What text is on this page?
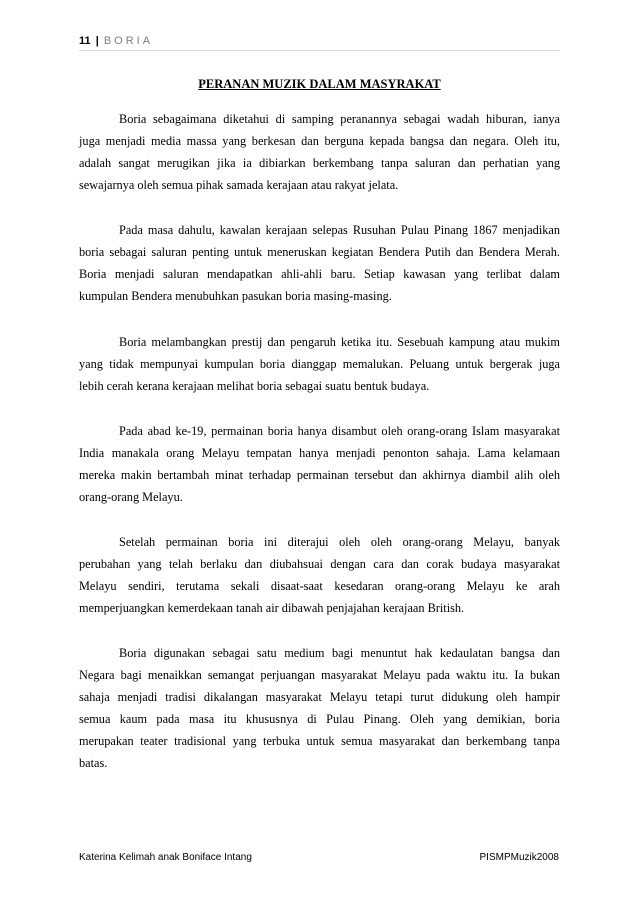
11 | BORIA
PERANAN MUZIK DALAM MASYRAKAT
Boria sebagaimana diketahui di samping peranannya sebagai wadah hiburan, ianya
juga menjadi media massa yang berkesan dan berguna kepada bangsa dan negara. Oleh itu,
adalah sangat merugikan jika ia dibiarkan berkembang tanpa saluran dan perhatian yang
sewajarnya oleh semua pihak samada kerajaan atau rakyat jelata.
Pada masa dahulu, kawalan kerajaan selepas Rusuhan Pulau Pinang 1867 menjadikan
boria sebagai saluran penting untuk meneruskan kegiatan Bendera Putih dan Bendera Merah.
Boria menjadi saluran mendapatkan ahli-ahli baru. Setiap kawasan yang terlibat dalam
kumpulan Bendera menubuhkan pasukan boria masing-masing.
Boria melambangkan prestij dan pengaruh ketika itu. Sesebuah kampung atau mukim
yang tidak mempunyai kumpulan boria dianggap memalukan. Peluang untuk bergerak juga
lebih cerah kerana kerajaan melihat boria sebagai suatu bentuk budaya.
Pada abad ke-19, permainan boria hanya disambut oleh orang-orang Islam masyarakat
India manakala orang Melayu tempatan hanya menjadi penonton sahaja. Lama kelamaan
mereka makin bertambah minat terhadap permainan tersebut dan akhirnya diambil alih oleh
orang-orang Melayu.
Setelah permainan boria ini diterajui oleh oleh orang-orang Melayu, banyak
perubahan yang telah berlaku dan diubahsuai dengan cara dan corak budaya masyarakat
Melayu sendiri, terutama sekali disaat-saat kesedaran orang-orang Melayu ke arah
memperjuangkan kemerdekaan tanah air dibawah penjajahan kerajaan British.
Boria digunakan sebagai satu medium bagi menuntut hak kedaulatan bangsa dan
Negara bagi menaikkan semangat perjuangan masyarakat Melayu pada waktu itu. Ia bukan
sahaja menjadi tradisi dikalangan masyarakat Melayu tetapi turut didukung oleh hampir
semua kaum pada masa itu khususnya di Pulau Pinang. Oleh yang demikian, boria
merupakan teater tradisional yang terbuka untuk semua masyarakat dan berkembang tanpa
batas.
Katerina Kelimah anak Boniface Intang	PISMPMuzik2008
